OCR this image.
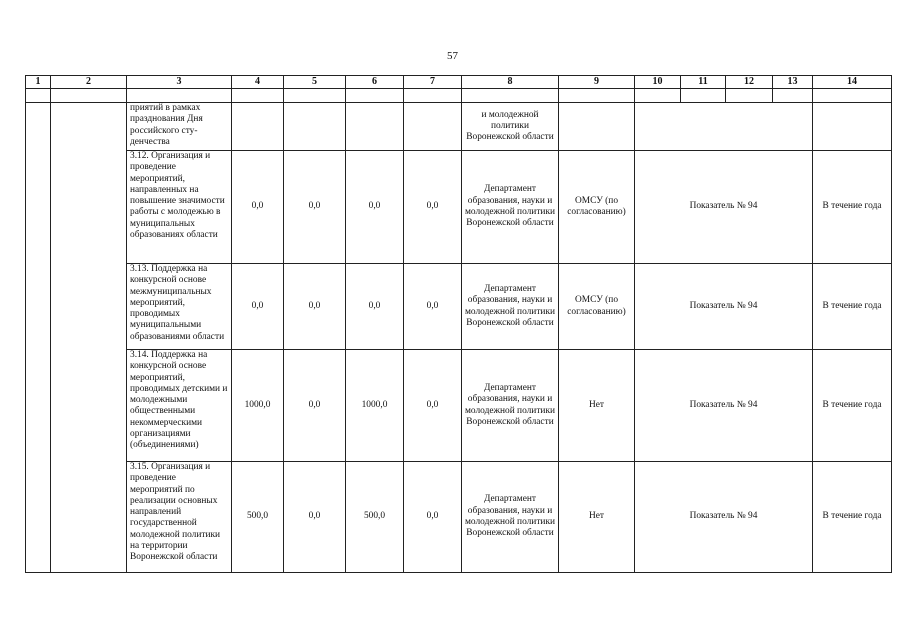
57
1	2	3	4	5	6	7	8	9	10	11	12	13	14

		приятий в рамках празднования Дня российского сту-денчества					и молодежной политики Воронежской области						
		3.12. Организация и проведение мероприятий, направленных на повышение значимости работы с молодежью в муниципальных образованиях области	0,0	0,0	0,0	0,0	Департамент образования, науки и молодежной политики Воронежской области	ОМСУ (по согласованию)	Показатель № 94				В течение года
		3.13. Поддержка на конкурсной основе межмуниципальных мероприятий, проводимых муниципальными образованиями области	0,0	0,0	0,0	0,0	Департамент образования, науки и молодежной политики Воронежской области	ОМСУ (по согласованию)	Показатель № 94				В течение года
		3.14. Поддержка на конкурсной основе мероприятий, проводимых детскими и молодежными общественными некоммерческими организациями (объединениями)	1000,0	0,0	1000,0	0,0	Департамент образования, науки и молодежной политики Воронежской области	Нет	Показатель № 94				В течение года
		3.15. Организация и проведение мероприятий по реализации основных направлений государственной молодежной политики на территории Воронежской области	500,0	0,0	500,0	0,0	Департамент образования, науки и молодежной политики Воронежской области	Нет	Показатель № 94				В течение года
